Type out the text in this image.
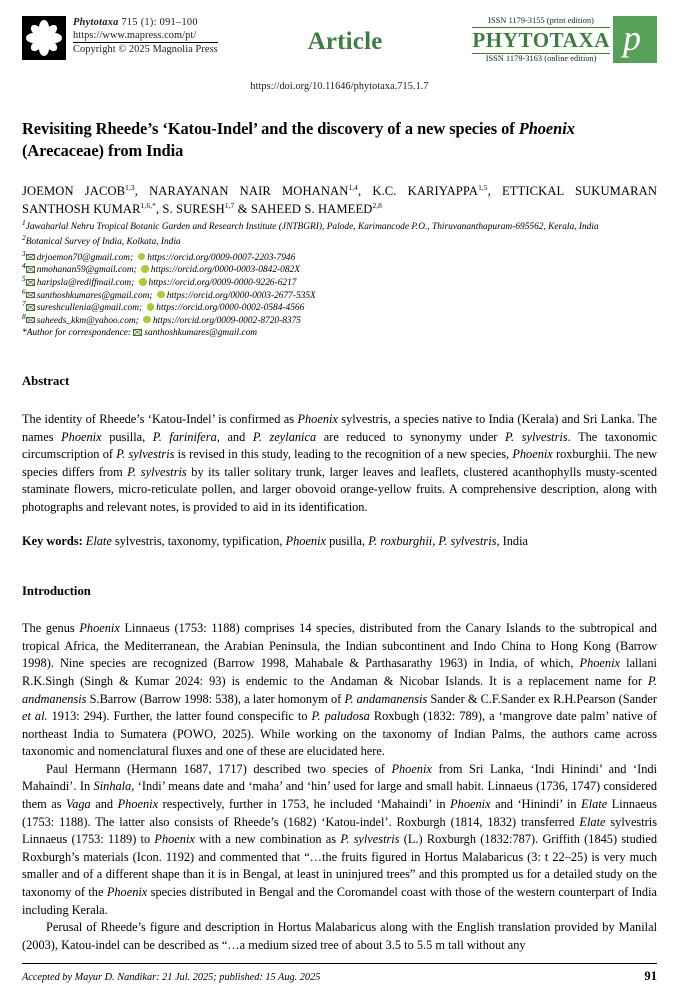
Phytotaxa 715 (1): 091–100
https://www.mapress.com/pt/
Copyright © 2025 Magnolia Press	Article
ISSN 1179-3155 (print edition)
PHYTOTAXA
ISSN 1179-3163 (online edition)
p
https://doi.org/10.11646/phytotaxa.715.1.7
Revisiting Rheede’s ‘Katou-Indel’ and the discovery of a new species of Phoenix (Arecaceae) from India
JOEMON JACOB$^{1,3}$, NARAYANAN NAIR MOHANAN$^{1,4}$, K.C. KARIYAPPA$^{1,5}$, ETTICKAL SUKUMARAN SANTHOSH $KUMAR^{1,6,*}$, S. SURESH$^{1,7}$ & SAHEED S. HAMEED$^{2,8}$
$^1$Jawaharlal Nehru Tropical Botanic Garden and Research Institute (JNTBGRI), Palode, Karimancode P.O., Thiruvananthapuram-695562, Kerala, India
$^2$Botanical Survey of India, Kolkata, India
$^3$ drjoemon70@gmail.com; https://orcid.org/0009-0007-2203-7946
$^4$ nmohanan59@gmail.com; https://orcid.org/0000-0003-0842-082X
$^5$ haripsla@rediffmail.com; https://orcid.org/0009-0000-9226-6217
$^6$ santhoshkumares@gmail.com; https://orcid.org/0000-0003-2677-535X
$^7$ sureshcullenia@gmail.com; https://orcid.org/0000-0002-0584-4566
$^8$ saheeds_kkm@yahoo.com; https://orcid.org/0009-0002-8720-8375
*Author for correspondence: santhoshkumares@gmail.com
Abstract
The identity of Rheede’s ‘Katou-Indel’ is confirmed as Phoenix sylvestris, a species native to India (Kerala) and Sri Lanka. The names Phoenix pusilla, P. farinifera, and P. zeylanica are reduced to synonymy under P. sylvestris. The taxonomic circumscription of P. sylvestris is revised in this study, leading to the recognition of a new species, Phoenix roxburghii. The new species differs from P. sylvestris by its taller solitary trunk, larger leaves and leaflets, clustered acanthophylls musty-scented staminate flowers, micro-reticulate pollen, and larger obovoid orange-yellow fruits. A comprehensive description, along with photographs and relevant notes, is provided to aid in its identification.
Key words: Elate sylvestris, taxonomy, typification, Phoenix pusilla, P. roxburghii, P. sylvestris, India
Introduction
The genus Phoenix Linnaeus (1753: 1188) comprises 14 species, distributed from the Canary Islands to the subtropical and tropical Africa, the Mediterranean, the Arabian Peninsula, the Indian subcontinent and Indo China to Hong Kong (Barrow 1998). Nine species are recognized (Barrow 1998, Mahabale & Parthasarathy 1963) in India, of which, Phoenix lallani R.K.Singh (Singh & Kumar 2024: 93) is endemic to the Andaman & Nicobar Islands. It is a replacement name for P. andmanensis S.Barrow (Barrow 1998: 538), a later homonym of P. andamanensis Sander & C.F.Sander ex R.H.Pearson (Sander et al. 1913: 294). Further, the latter found conspecific to P. paludosa Roxbugh (1832: 789), a ‘mangrove date palm’ native of northeast India to Sumatera (POWO, 2025). While working on the taxonomy of Indian Palms, the authors came across taxonomic and nomenclatural fluxes and one of these are elucidated here.
Paul Hermann (Hermann 1687, 1717) described two species of Phoenix from Sri Lanka, ‘Indi Hinindi’ and ‘Indi Mahaindi’. In Sinhala, ‘Indi’ means date and ‘maha’ and ‘hin’ used for large and small habit. Linnaeus (1736, 1747) considered them as Vaga and Phoenix respectively, further in 1753, he included ‘Mahaindi’ in Phoenix and ‘Hinindi’ in Elate Linnaeus (1753: 1188). The latter also consists of Rheede’s (1682) ‘Katou-indel’. Roxburgh (1814, 1832) transferred Elate sylvestris Linnaeus (1753: 1189) to Phoenix with a new combination as P. sylvestris (L.) Roxburgh (1832:787). Griffith (1845) studied Roxburgh’s materials (Icon. 1192) and commented that “…the fruits figured in Hortus Malabaricus (3: t 22–25) is very much smaller and of a different shape than it is in Bengal, at least in uninjured trees” and this prompted us for a detailed study on the taxonomy of the Phoenix species distributed in Bengal and the Coromandel coast with those of the western counterpart of India including Kerala.
Perusal of Rheede’s figure and description in Hortus Malabaricus along with the English translation provided by Manilal (2003), Katou-indel can be described as “…a medium sized tree of about 3.5 to 5.5 m tall without any
Accepted by Mayur D. Nandikar: 21 Jul. 2025; published: 15 Aug. 2025	91
